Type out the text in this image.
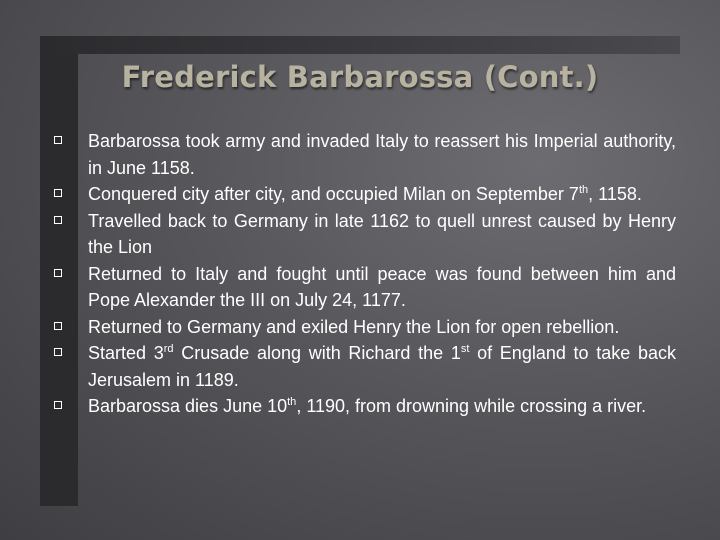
Frederick Barbarossa (Cont.)
Barbarossa took army and invaded Italy to reassert his Imperial authority, in June 1158.
Conquered city after city, and occupied Milan on September 7th, 1158.
Travelled back to Germany in late 1162 to quell unrest caused by Henry the Lion
Returned to Italy and fought until peace was found between him and Pope Alexander the III on July 24, 1177.
Returned to Germany and exiled Henry the Lion for open rebellion.
Started 3rd Crusade along with Richard the 1st of England to take back Jerusalem in 1189.
Barbarossa dies June 10th, 1190, from drowning while crossing a river.
